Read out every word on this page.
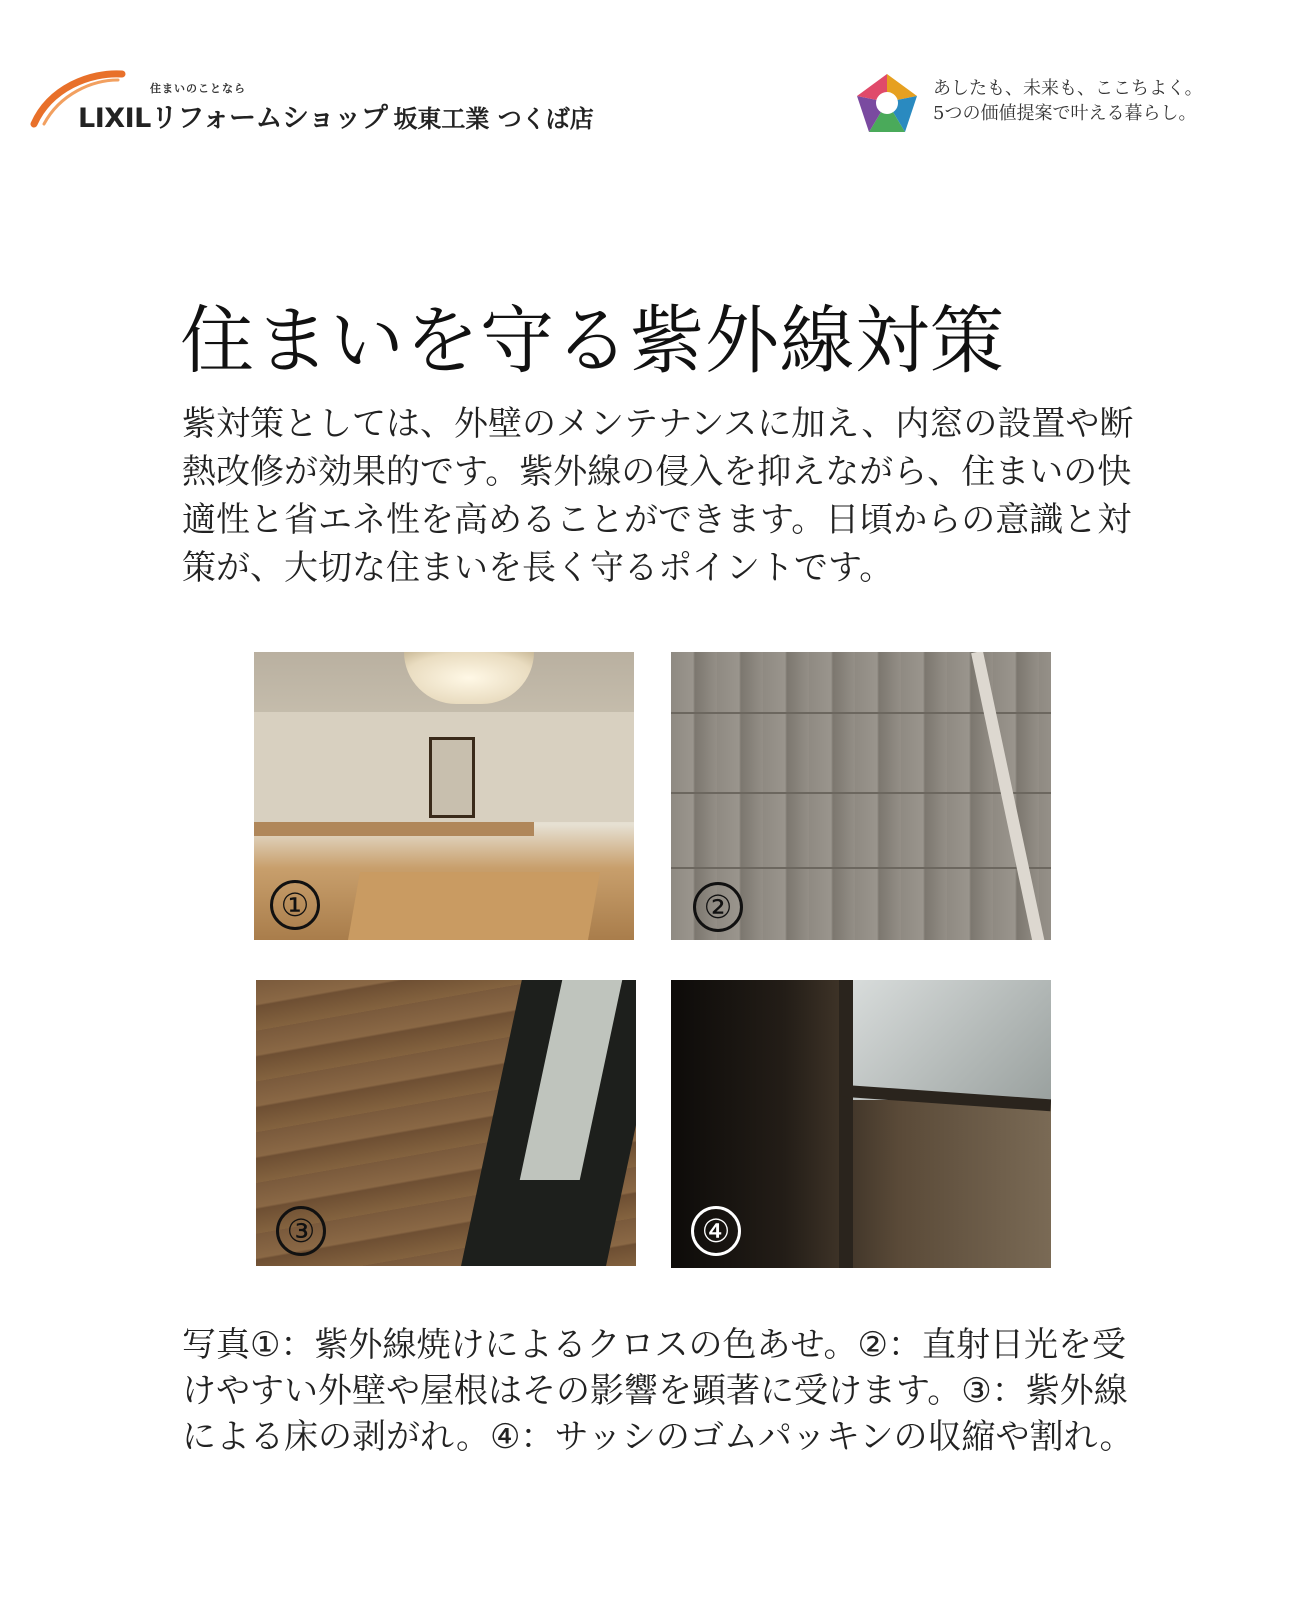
住まいのことなら
LIXILリフォームショップ 坂東工業 つくば店
あしたも、未来も、ここちよく。
5つの価値提案で叶える暮らし。
住まいを守る紫外線対策

紫対策としては、外壁のメンテナンスに加え、内窓の設置や断熱改修が効果的です。紫外線の侵入を抑えながら、住まいの快適性と省エネ性を高めることができます。日頃からの意識と対策が、大切な住まいを長く守るポイントです。

①	②
③	④

写真①：紫外線焼けによるクロスの色あせ。②：直射日光を受けやすい外壁や屋根はその影響を顕著に受けます。③：紫外線による床の剥がれ。④：サッシのゴムパッキンの収縮や割れ。
